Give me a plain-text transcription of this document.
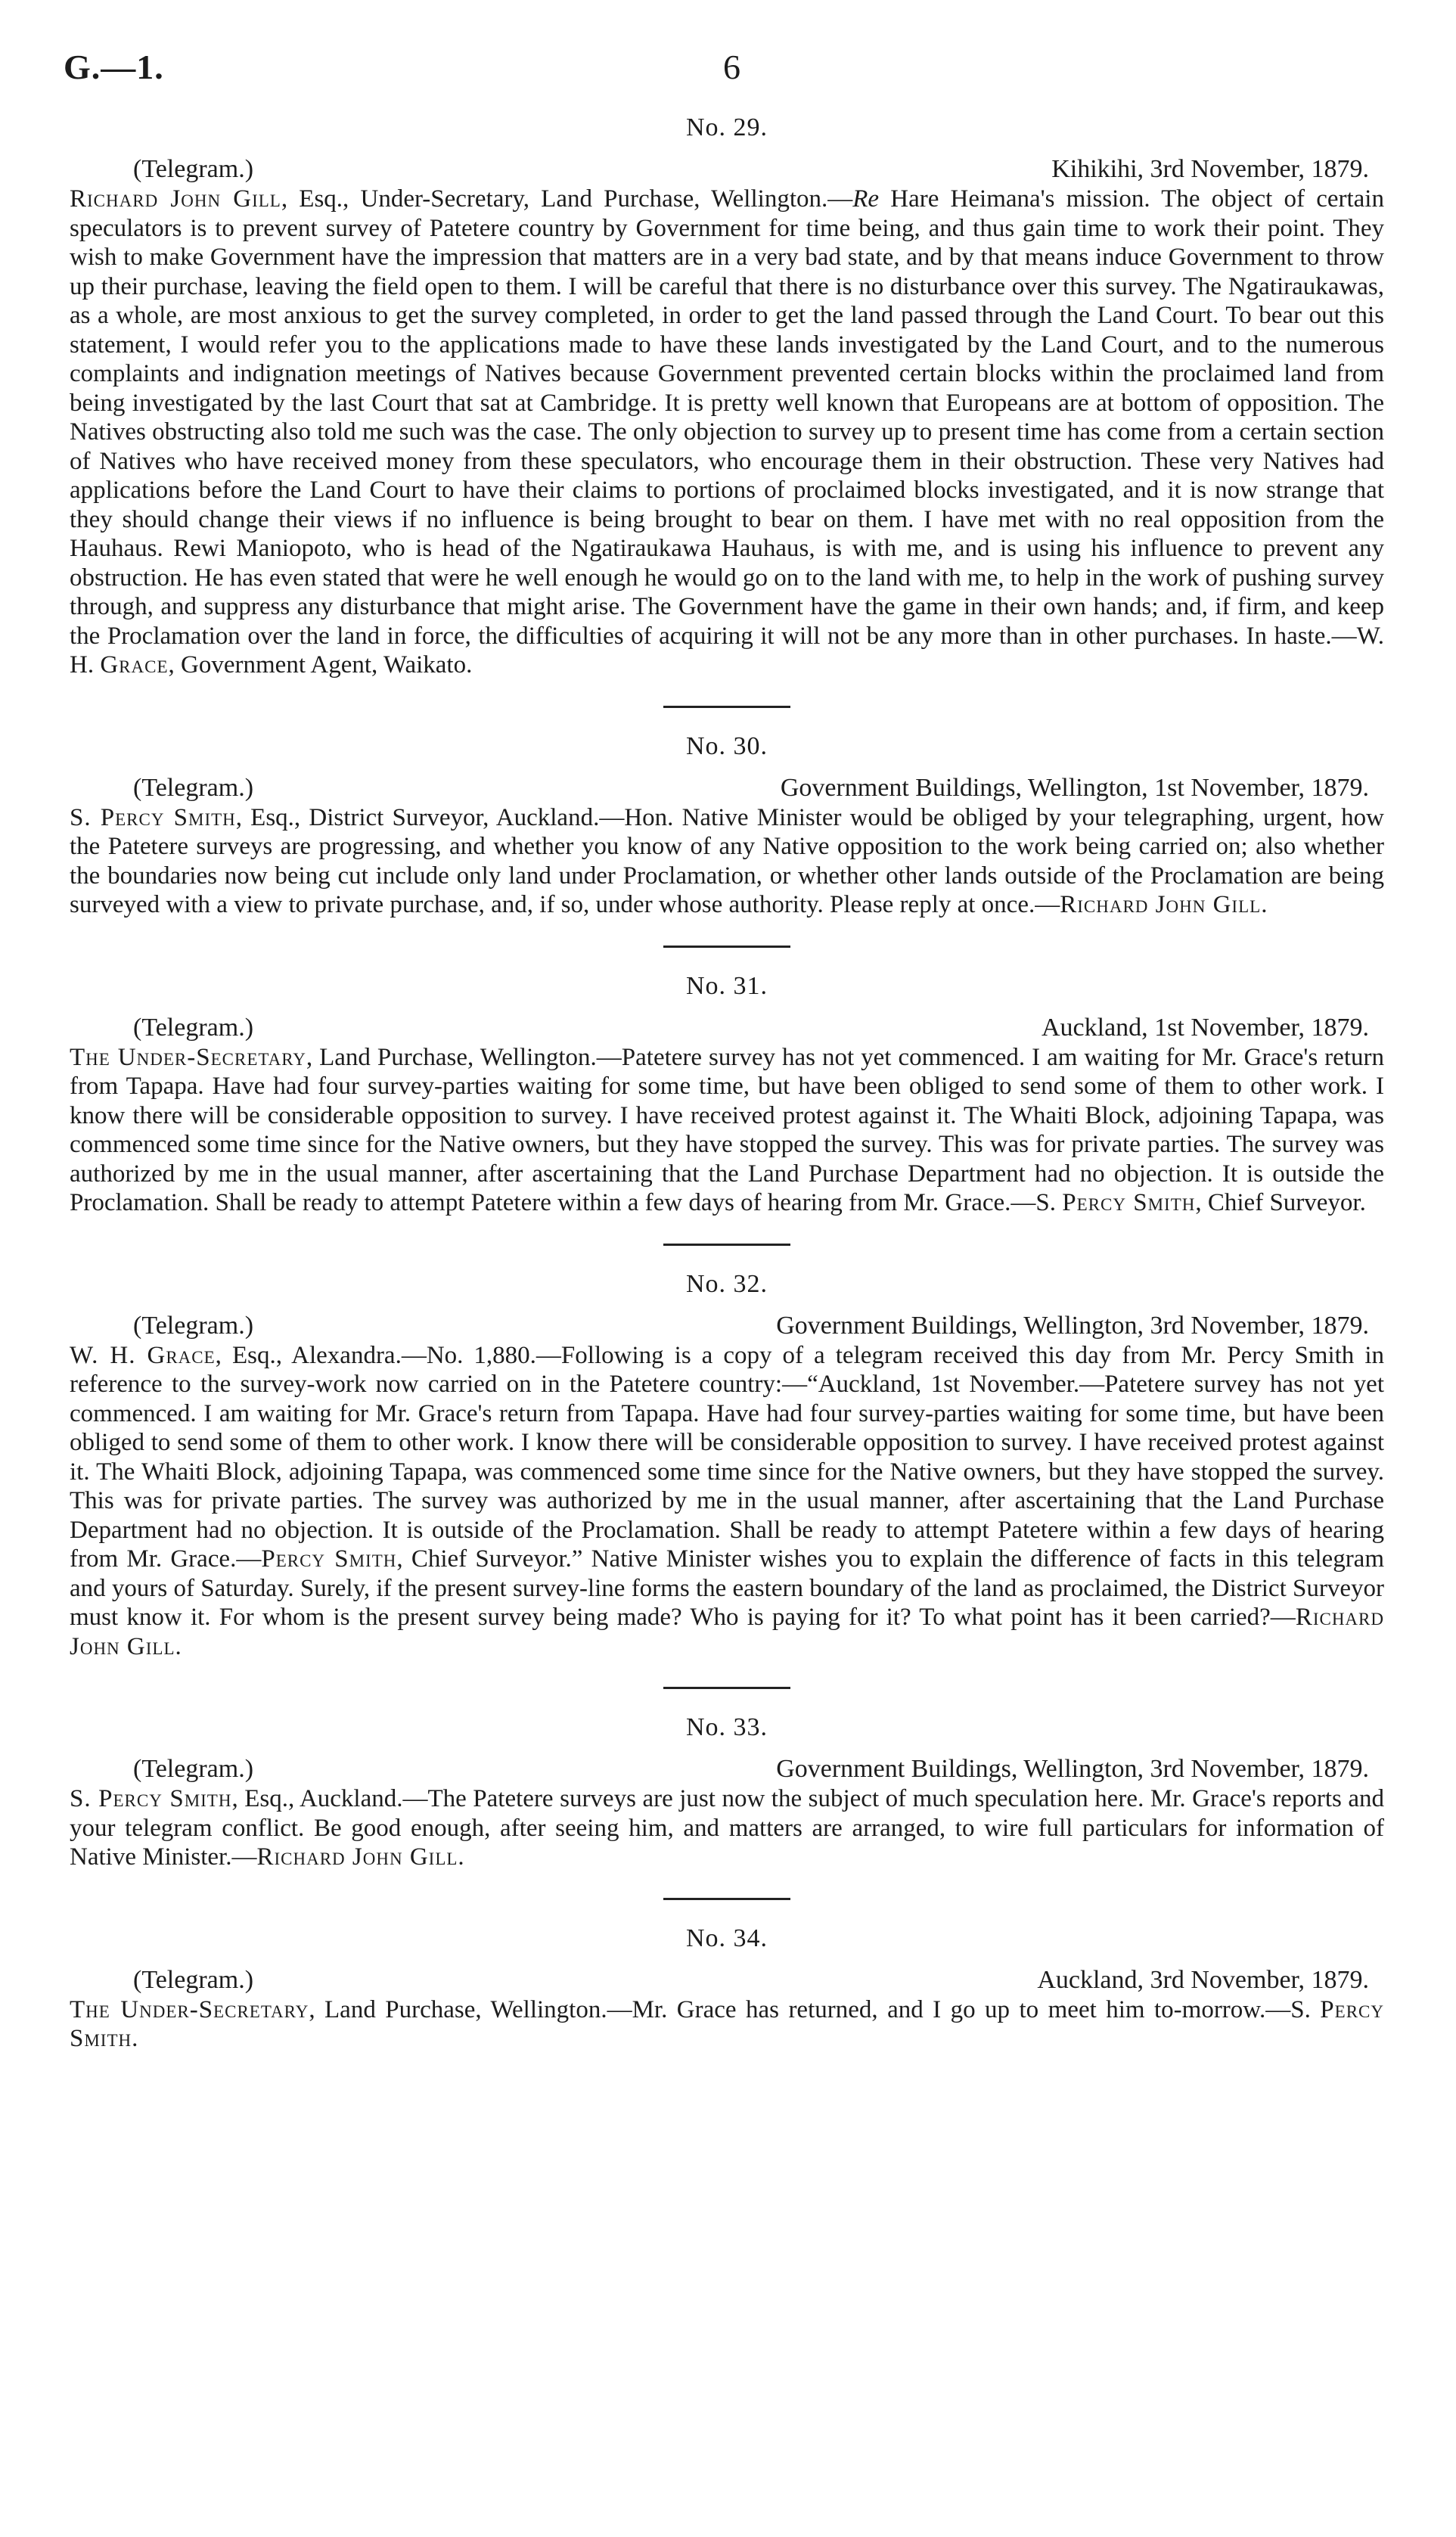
G.—1.	6

No. 29.

(Telegram.)	Kihikihi, 3rd November, 1879.

Richard John Gill, Esq., Under-Secretary, Land Purchase, Wellington.—Re Hare Heimana's mission. The object of certain speculators is to prevent survey of Patetere country by Government for time being, and thus gain time to work their point. They wish to make Government have the impression that matters are in a very bad state, and by that means induce Government to throw up their purchase, leaving the field open to them. I will be careful that there is no disturbance over this survey. The Ngatiraukawas, as a whole, are most anxious to get the survey completed, in order to get the land passed through the Land Court. To bear out this statement, I would refer you to the applications made to have these lands investigated by the Land Court, and to the numerous complaints and indignation meetings of Natives because Government prevented certain blocks within the proclaimed land from being investigated by the last Court that sat at Cambridge. It is pretty well known that Europeans are at bottom of opposition. The Natives obstructing also told me such was the case. The only objection to survey up to present time has come from a certain section of Natives who have received money from these speculators, who encourage them in their obstruction. These very Natives had applications before the Land Court to have their claims to portions of proclaimed blocks investigated, and it is now strange that they should change their views if no influence is being brought to bear on them. I have met with no real opposition from the Hauhaus. Rewi Maniopoto, who is head of the Ngatiraukawa Hauhaus, is with me, and is using his influence to prevent any obstruction. He has even stated that were he well enough he would go on to the land with me, to help in the work of pushing survey through, and suppress any disturbance that might arise. The Government have the game in their own hands; and, if firm, and keep the Proclamation over the land in force, the difficulties of acquiring it will not be any more than in other purchases. In haste.—W. H. Grace, Government Agent, Waikato.

No. 30.

(Telegram.)	Government Buildings, Wellington, 1st November, 1879.

S. Percy Smith, Esq., District Surveyor, Auckland.—Hon. Native Minister would be obliged by your telegraphing, urgent, how the Patetere surveys are progressing, and whether you know of any Native opposition to the work being carried on; also whether the boundaries now being cut include only land under Proclamation, or whether other lands outside of the Proclamation are being surveyed with a view to private purchase, and, if so, under whose authority. Please reply at once.—Richard John Gill.

No. 31.

(Telegram.)	Auckland, 1st November, 1879.

The Under-Secretary, Land Purchase, Wellington.—Patetere survey has not yet commenced. I am waiting for Mr. Grace's return from Tapapa. Have had four survey-parties waiting for some time, but have been obliged to send some of them to other work. I know there will be considerable opposition to survey. I have received protest against it. The Whaiti Block, adjoining Tapapa, was commenced some time since for the Native owners, but they have stopped the survey. This was for private parties. The survey was authorized by me in the usual manner, after ascertaining that the Land Purchase Department had no objection. It is outside the Proclamation. Shall be ready to attempt Patetere within a few days of hearing from Mr. Grace.—S. Percy Smith, Chief Surveyor.

No. 32.

(Telegram.)	Government Buildings, Wellington, 3rd November, 1879.

W. H. Grace, Esq., Alexandra.—No. 1,880.—Following is a copy of a telegram received this day from Mr. Percy Smith in reference to the survey-work now carried on in the Patetere country:—“Auckland, 1st November.—Patetere survey has not yet commenced. I am waiting for Mr. Grace's return from Tapapa. Have had four survey-parties waiting for some time, but have been obliged to send some of them to other work. I know there will be considerable opposition to survey. I have received protest against it. The Whaiti Block, adjoining Tapapa, was commenced some time since for the Native owners, but they have stopped the survey. This was for private parties. The survey was authorized by me in the usual manner, after ascertaining that the Land Purchase Department had no objection. It is outside of the Proclamation. Shall be ready to attempt Patetere within a few days of hearing from Mr. Grace.—Percy Smith, Chief Surveyor.” Native Minister wishes you to explain the difference of facts in this telegram and yours of Saturday. Surely, if the present survey-line forms the eastern boundary of the land as proclaimed, the District Surveyor must know it. For whom is the present survey being made? Who is paying for it? To what point has it been carried?—Richard John Gill.

No. 33.

(Telegram.)	Government Buildings, Wellington, 3rd November, 1879.

S. Percy Smith, Esq., Auckland.—The Patetere surveys are just now the subject of much speculation here. Mr. Grace's reports and your telegram conflict. Be good enough, after seeing him, and matters are arranged, to wire full particulars for information of Native Minister.—Richard John Gill.

No. 34.

(Telegram.)	Auckland, 3rd November, 1879.

The Under-Secretary, Land Purchase, Wellington.—Mr. Grace has returned, and I go up to meet him to-morrow.—S. Percy Smith.
